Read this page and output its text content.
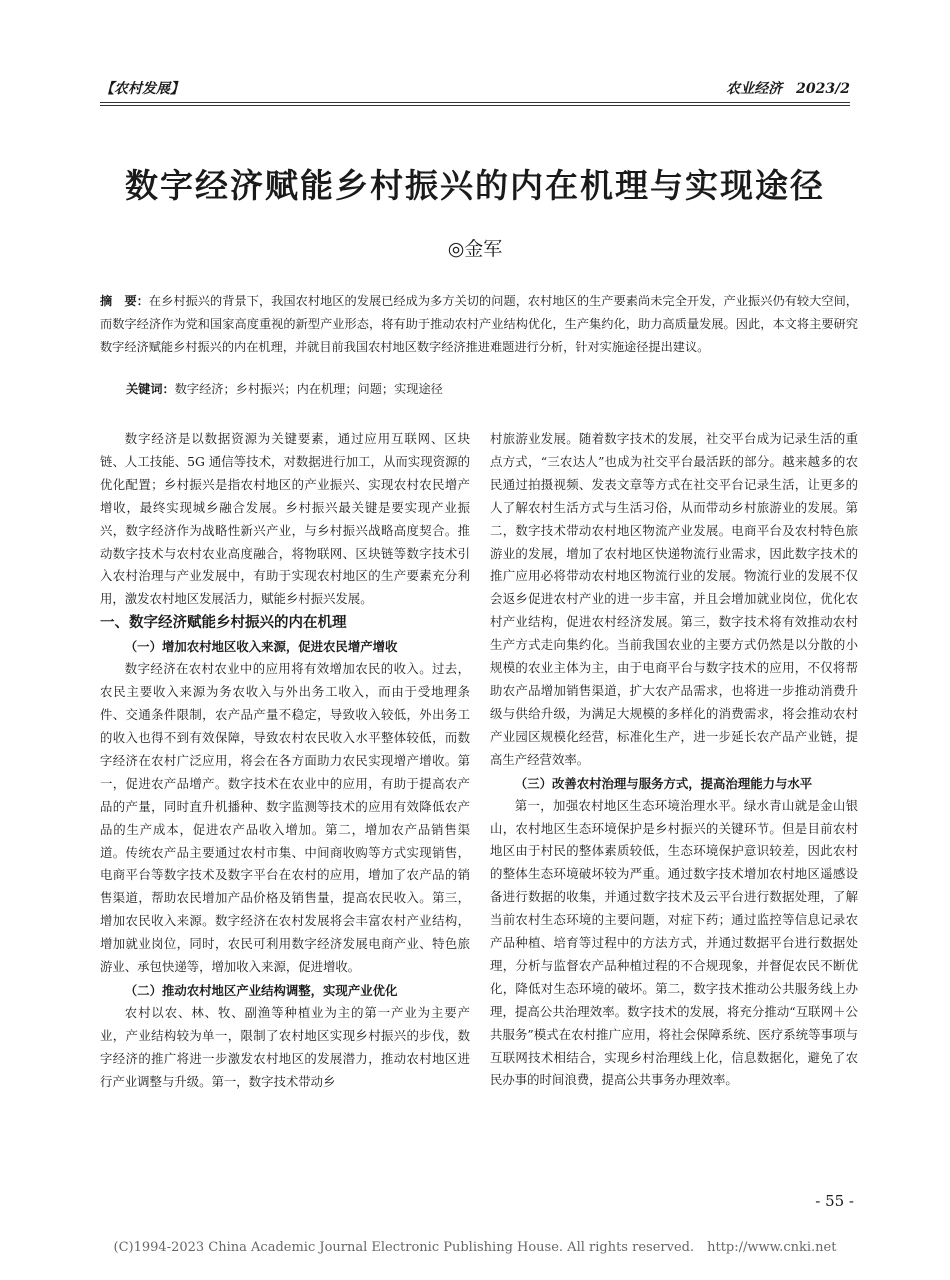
【农村发展】	农业经济　2023/2
数字经济赋能乡村振兴的内在机理与实现途径
◎金军
摘　要：在乡村振兴的背景下，我国农村地区的发展已经成为多方关切的问题，农村地区的生产要素尚未完全开发，产业振兴仍有较大空间，而数字经济作为党和国家高度重视的新型产业形态，将有助于推动农村产业结构优化，生产集约化，助力高质量发展。因此，本文将主要研究数字经济赋能乡村振兴的内在机理，并就目前我国农村地区数字经济推进难题进行分析，针对实施途径提出建议。
关键词：数字经济；乡村振兴；内在机理；问题；实现途径

数字经济是以数据资源为关键要素，通过应用互联网、区块链、人工技能、5G 通信等技术，对数据进行加工，从而实现资源的优化配置；乡村振兴是指农村地区的产业振兴、实现农村农民增产增收，最终实现城乡融合发展。乡村振兴最关键是要实现产业振兴，数字经济作为战略性新兴产业，与乡村振兴战略高度契合。推动数字技术与农村农业高度融合，将物联网、区块链等数字技术引入农村治理与产业发展中，有助于实现农村地区的生产要素充分利用，激发农村地区发展活力，赋能乡村振兴发展。

一、数字经济赋能乡村振兴的内在机理
（一）增加农村地区收入来源，促进农民增产增收

数字经济在农村农业中的应用将有效增加农民的收入。过去，农民主要收入来源为务农收入与外出务工收入，而由于受地理条件、交通条件限制，农产品产量不稳定，导致收入较低，外出务工的收入也得不到有效保障，导致农村农民收入水平整体较低，而数字经济在农村广泛应用，将会在各方面助力农民实现增产增收。第一，促进农产品增产。数字技术在农业中的应用，有助于提高农产品的产量，同时直升机播种、数字监测等技术的应用有效降低农产品的生产成本，促进农产品收入增加。第二，增加农产品销售渠道。传统农产品主要通过农村市集、中间商收购等方式实现销售，电商平台等数字技术及数字平台在农村的应用，增加了农产品的销售渠道，帮助农民增加产品价格及销售量，提高农民收入。第三，增加农民收入来源。数字经济在农村发展将会丰富农村产业结构，增加就业岗位，同时，农民可利用数字经济发展电商产业、特色旅游业、承包快递等，增加收入来源，促进增收。

（二）推动农村地区产业结构调整，实现产业优化

农村以农、林、牧、副渔等种植业为主的第一产业为主要产业，产业结构较为单一，限制了农村地区实现乡村振兴的步伐，数字经济的推广将进一步激发农村地区的发展潜力，推动农村地区进行产业调整与升级。第一，数字技术带动乡

村旅游业发展。随着数字技术的发展，社交平台成为记录生活的重点方式，“三农达人”也成为社交平台最活跃的部分。越来越多的农民通过拍摄视频、发表文章等方式在社交平台记录生活，让更多的人了解农村生活方式与生活习俗，从而带动乡村旅游业的发展。第二，数字技术带动农村地区物流产业发展。电商平台及农村特色旅游业的发展，增加了农村地区快递物流行业需求，因此数字技术的推广应用必将带动农村地区物流行业的发展。物流行业的发展不仅会返乡促进农村产业的进一步丰富，并且会增加就业岗位，优化农村产业结构，促进农村经济发展。第三，数字技术将有效推动农村生产方式走向集约化。当前我国农业的主要方式仍然是以分散的小规模的农业主体为主，由于电商平台与数字技术的应用，不仅将帮助农产品增加销售渠道，扩大农产品需求，也将进一步推动消费升级与供给升级，为满足大规模的多样化的消费需求，将会推动农村产业园区规模化经营，标准化生产，进一步延长农产品产业链，提高生产经营效率。

（三）改善农村治理与服务方式，提高治理能力与水平

第一，加强农村地区生态环境治理水平。绿水青山就是金山银山，农村地区生态环境保护是乡村振兴的关键环节。但是目前农村地区由于村民的整体素质较低，生态环境保护意识较差，因此农村的整体生态环境破坏较为严重。通过数字技术增加农村地区遥感设备进行数据的收集，并通过数字技术及云平台进行数据处理，了解当前农村生态环境的主要问题，对症下药；通过监控等信息记录农产品种植、培育等过程中的方法方式，并通过数据平台进行数据处理，分析与监督农产品种植过程的不合规现象，并督促农民不断优化，降低对生态环境的破坏。第二，数字技术推动公共服务线上办理，提高公共治理效率。数字技术的发展，将充分推动“互联网＋公共服务”模式在农村推广应用，将社会保障系统、医疗系统等事项与互联网技术相结合，实现乡村治理线上化，信息数据化，避免了农民办事的时间浪费，提高公共事务办理效率。

- 55 -
(C)1994-2023 China Academic Journal Electronic Publishing House. All rights reserved.　http://www.cnki.net
